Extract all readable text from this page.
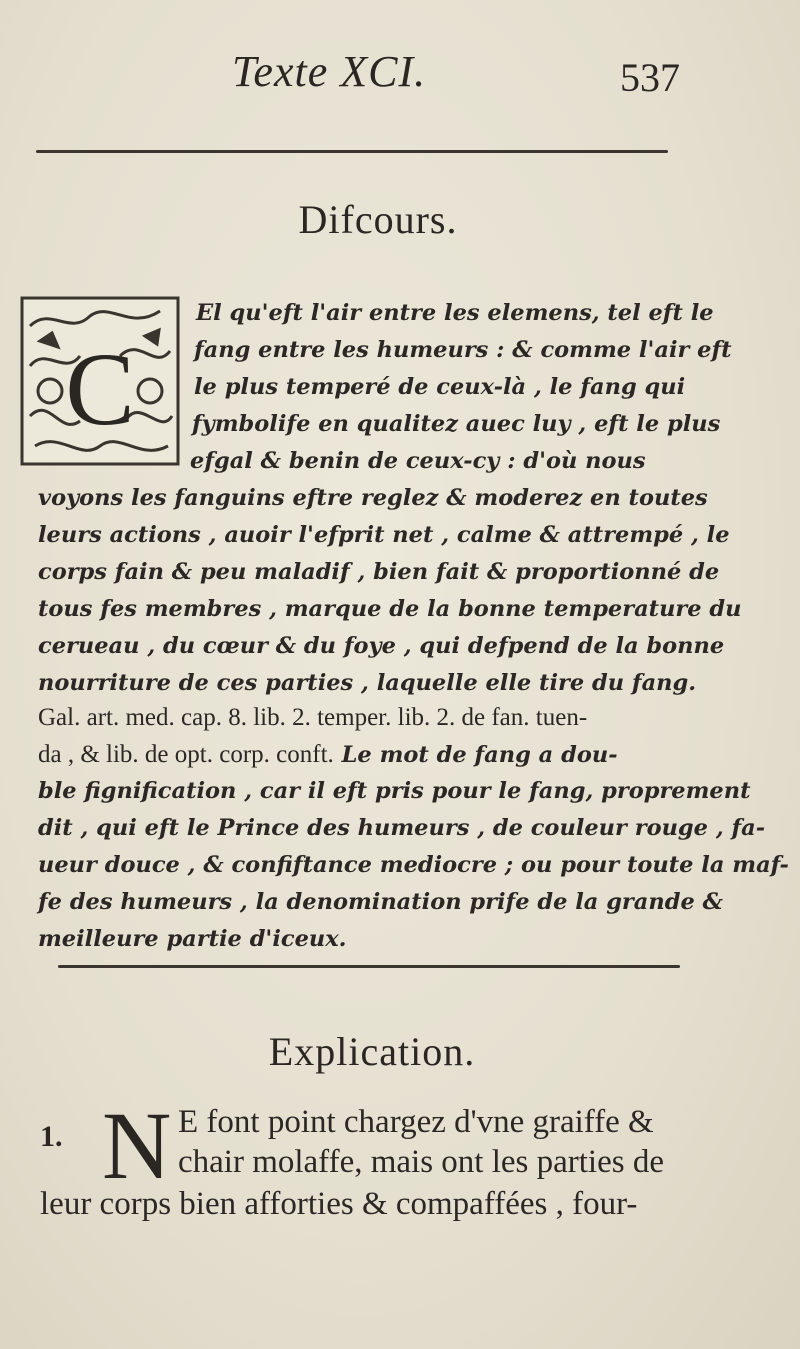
Texte XCI.	537
Difcours.
C
El qu'eft l'air entre les elemens, tel eft le
fang entre les humeurs : & comme l'air eft
le plus temperé de ceux-là , le fang qui
fymbolife en qualitez auec luy , eft le plus
efgal & benin de ceux-cy : d'où nous
voyons les fanguins eftre reglez & moderez en toutes
leurs actions , auoir l'efprit net , calme & attrempé , le
corps fain & peu maladif , bien fait & proportionné de
tous fes membres , marque de la bonne temperature du
cerueau , du cœur & du foye , qui defpend de la bonne
nourriture de ces parties , laquelle elle tire du fang.
Gal. art. med. cap. 8. lib. 2. temper. lib. 2. de fan. tuen-
da , & lib. de opt. corp. conft. Le mot de fang a dou-
ble fignification , car il eft pris pour le fang, proprement
dit , qui eft le Prince des humeurs , de couleur rouge , fa-
ueur douce , & confiftance mediocre ; ou pour toute la maf-
fe des humeurs , la denomination prife de la grande &
meilleure partie d'iceux.
Explication.
1. N E font point chargez d'vne graiffe &
chair molaffe, mais ont les parties de
leur corps bien afforties & compaffées , four-
